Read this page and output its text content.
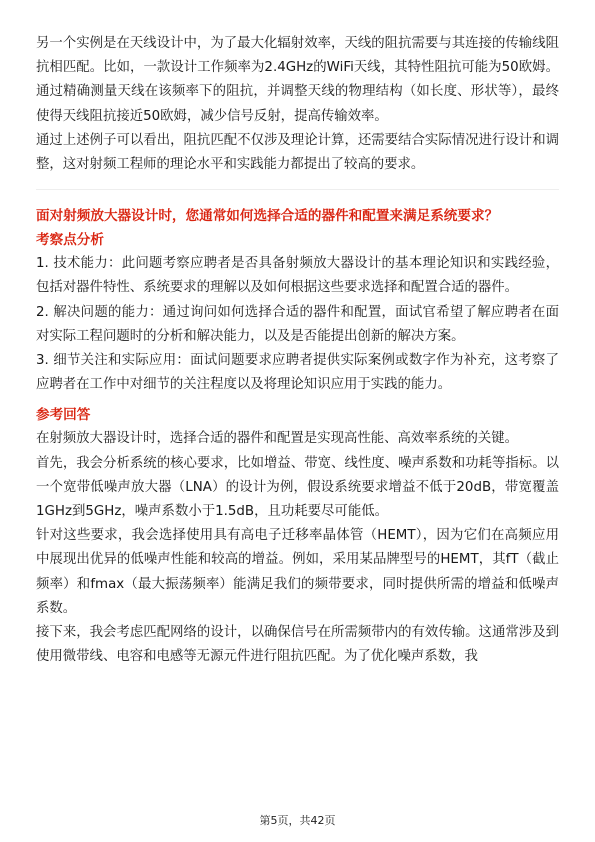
另一个实例是在天线设计中，为了最大化辐射效率，天线的阻抗需要与其连接的传输线阻抗相匹配。比如，一款设计工作频率为2.4GHz的WiFi天线，其特性阻抗可能为50欧姆。通过精确测量天线在该频率下的阻抗，并调整天线的物理结构（如长度、形状等），最终使得天线阻抗接近50欧姆，减少信号反射，提高传输效率。

通过上述例子可以看出，阻抗匹配不仅涉及理论计算，还需要结合实际情况进行设计和调整，这对射频工程师的理论水平和实践能力都提出了较高的要求。

面对射频放大器设计时，您通常如何选择合适的器件和配置来满足系统要求？

考察点分析

1. 技术能力：此问题考察应聘者是否具备射频放大器设计的基本理论知识和实践经验，包括对器件特性、系统要求的理解以及如何根据这些要求选择和配置合适的器件。

2. 解决问题的能力：通过询问如何选择合适的器件和配置，面试官希望了解应聘者在面对实际工程问题时的分析和解决能力，以及是否能提出创新的解决方案。

3. 细节关注和实际应用：面试问题要求应聘者提供实际案例或数字作为补充，这考察了应聘者在工作中对细节的关注程度以及将理论知识应用于实践的能力。

参考回答

在射频放大器设计时，选择合适的器件和配置是实现高性能、高效率系统的关键。

首先，我会分析系统的核心要求，比如增益、带宽、线性度、噪声系数和功耗等指标。以一个宽带低噪声放大器（LNA）的设计为例，假设系统要求增益不低于20dB，带宽覆盖1GHz到5GHz，噪声系数小于1.5dB，且功耗要尽可能低。

针对这些要求，我会选择使用具有高电子迁移率晶体管（HEMT），因为它们在高频应用中展现出优异的低噪声性能和较高的增益。例如，采用某品牌型号的HEMT，其fT（截止频率）和fmax（最大振荡频率）能满足我们的频带要求，同时提供所需的增益和低噪声系数。

接下来，我会考虑匹配网络的设计，以确保信号在所需频带内的有效传输。这通常涉及到使用微带线、电容和电感等无源元件进行阻抗匹配。为了优化噪声系数，我

第5页，共42页
